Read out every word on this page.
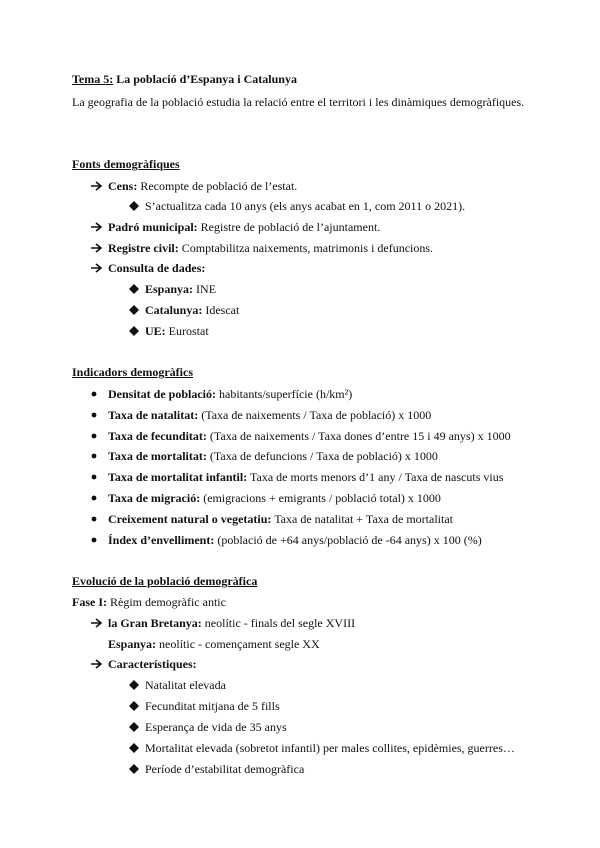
Tema 5: La població d’Espanya i Catalunya
La geografia de la població estudia la relació entre el territori i les dinàmiques demogràfiques.
Fonts demogràfiques
Cens: Recompte de població de l’estat.
S’actualitza cada 10 anys (els anys acabat en 1, com 2011 o 2021).
Padró municipal: Registre de població de l’ajuntament.
Registre civil: Comptabilitza naixements, matrimonis i defuncions.
Consulta de dades:
Espanya: INE
Catalunya: Idescat
UE: Eurostat
Indicadors demogràfics
Densitat de població: habitants/superfície (h/km²)
Taxa de natalitat: (Taxa de naixements / Taxa de població) x 1000
Taxa de fecunditat: (Taxa de naixements / Taxa dones d’entre 15 i 49 anys) x 1000
Taxa de mortalitat: (Taxa de defuncions / Taxa de població) x 1000
Taxa de mortalitat infantil: Taxa de morts menors d’1 any / Taxa de nascuts vius
Taxa de migració: (emigracions + emigrants / població total) x 1000
Creixement natural o vegetatiu: Taxa de natalitat + Taxa de mortalitat
Índex d’envelliment: (població de +64 anys/població de -64 anys) x 100 (%)
Evolució de la població demogràfica
Fase I: Règim demogràfic antic
la Gran Bretanya: neolític - finals del segle XVIII
Espanya: neolític - començament segle XX
Característiques:
Natalitat elevada
Fecunditat mitjana de 5 fills
Esperança de vida de 35 anys
Mortalitat elevada (sobretot infantil) per males collites, epidèmies, guerres…
Període d’estabilitat demogràfica
